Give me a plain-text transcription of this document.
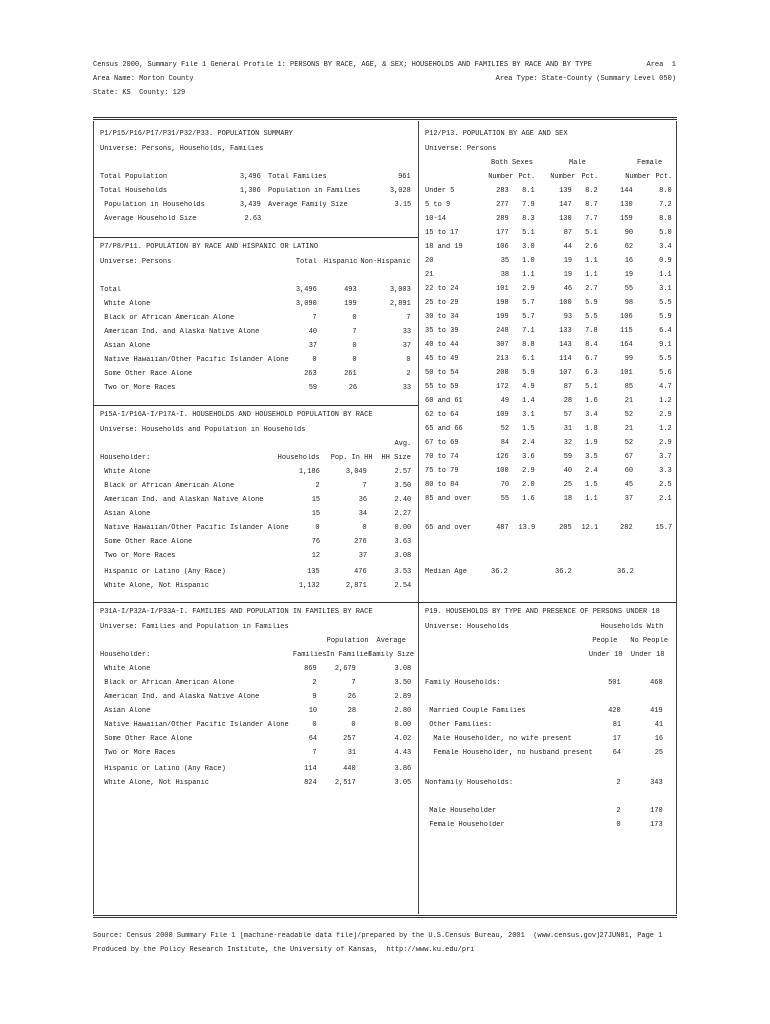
Census 2000, Summary File 1 General Profile 1: PERSONS BY RACE, AGE, & SEX; HOUSEHOLDS AND FAMILIES BY RACE AND BY TYPE	Area  1
Area Name: Morton County	Area Type: State-County (Summary Level 050)
State: KS  County: 129
P1/P15/P16/P17/P31/P32/P33. POPULATION SUMMARY
Universe: Persons, Households, Families
Total Population	3,496
Total Households	1,306
Population in Households	3,439
Average Household Size	2.63
Total Families	961
Population in Families	3,028
Average Family Size	3.15
P7/P8/P11. POPULATION BY RACE AND HISPANIC OR LATINO
Universe: Persons	Total Hispanic Non-Hispanic
Total	3,496	493	3,003
White Alone	3,090	199	2,891
Black or African American Alone	7	0	7
American Ind. and Alaska Native Alone	40	7	33
Asian Alone	37	0	37
Native Hawaiian/Other Pacific Islander Alone	0	0	0
Some Other Race Alone	263	261	2
Two or More Races	59	26	33
P15A-I/P16A-I/P17A-I. HOUSEHOLDS AND HOUSEHOLD POPULATION BY RACE
Universe: Households and Population in Households
Avg.
Householder:	Households Pop. In HH HH Size
White Alone	1,186	3,049	2.57
Black or African American Alone	2	7	3.50
American Ind. and Alaskan Native Alone	15	36	2.40
Asian Alone	15	34	2.27
Native Hawaiian/Other Pacific Islander Alone	0	0	0.00
Some Other Race Alone	76	276	3.63
Two or More Races	12	37	3.08
Hispanic or Latino (Any Race)	135	476	3.53
White Alone, Not Hispanic	1,132	2,871	2.54
P31A-I/P32A-I/P33A-I. FAMILIES AND POPULATION IN FAMILIES BY RACE
Universe: Families and Population in Families
Population Average
Householder:	Families In Families
Family Size
White Alone	869 2,679	3.08
Black or African American Alone	2	7	3.50
American Ind. and Alaska Native Alone	9	26	2.89
Asian Alone	10	28	2.80
Native Hawaiian/Other Pacific Islander Alone	0	0	0.00
Some Other Race Alone	64	257	4.02
Two or More Races	7	31	4.43
Hispanic or Latino (Any Race)	114	440	3.86
White Alone, Not Hispanic	824 2,517	3.05
P12/P13. POPULATION BY AGE AND SEX
Universe: Persons
Both Sexes	Male	Female
Number Pct. Number Pct.	Number Pct.
Under 5	283 8.1	139 8.2	144	8.0
5 to 9	277 7.9	147 8.7	130	7.2
10-14	289 8.3	130 7.7	159	8.8
15 to 17	177 5.1	87 5.1	90	5.0
18 and 19	106 3.0	44 2.6	62	3.4
20	35 1.0	19 1.1	16	0.9
21	38 1.1	19 1.1	19	1.1
22 to 24	101 2.9	46 2.7	55	3.1
25 to 29	198 5.7	100 5.9	98	5.5
30 to 34	199 5.7	93 5.5	106	5.9
35 to 39	248 7.1	133 7.8	115	6.4
40 to 44	307 8.8	143 8.4	164	9.1
45 to 49	213 6.1	114 6.7	99	5.5
50 to 54	208 5.9	107 6.3	101	5.6
55 to 59	172 4.9	87 5.1	85	4.7
60 and 61	49 1.4	28 1.6	21	1.2
62 to 64	109 3.1	57 3.4	52	2.9
65 and 66	52 1.5	31 1.8	21	1.2
67 to 69	84 2.4	32 1.9	52	2.9
70 to 74	126 3.6	59 3.5	67	3.7
75 to 79	100 2.9	40 2.4	60	3.3
80 to 84	70 2.0	25 1.5	45	2.5
85 and over	55 1.6	18 1.1	37	2.1
65 and over	487 13.9	205 12.1	282	15.7
Median Age	36.2	36.2	36.2
P19. HOUSEHOLDS BY TYPE AND PRESENCE OF PERSONS UNDER 18
Universe: Households	Households With
People No People
Under 18 Under 18
Family Households:	501	460
Married Couple Families	420	419
Other Families:	81	41
Male Householder, no wife present	17	16
Female Householder, no husband present	64	25
Nonfamily Households:	2	343
Male Householder	2	170
Female Householder	0	173
Source: Census 2000 Summary File 1 [machine-readable data file]/prepared by the U.S.Census Bureau, 2001  (www.census.gov)
27JUN01, Page 1
Produced by the Policy Research Institute, the University of Kansas,  http://www.ku.edu/pri
